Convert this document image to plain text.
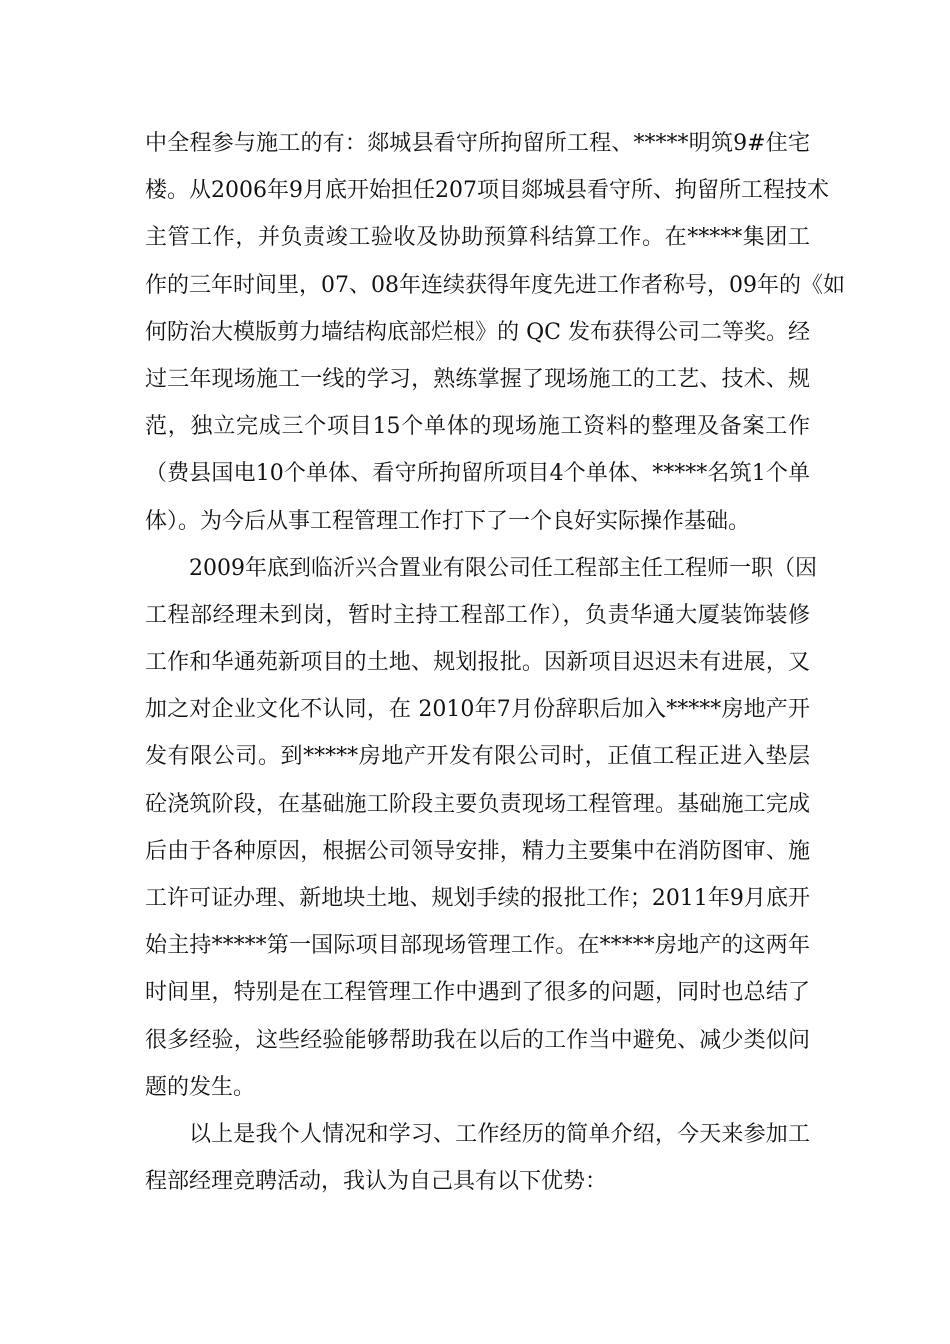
中全程参与施工的有：郯城县看守所拘留所工程、*****明筑9#住宅
楼。从2006年9月底开始担任207项目郯城县看守所、拘留所工程技术
主管工作，并负责竣工验收及协助预算科结算工作。在*****集团工
作的三年时间里，07、08年连续获得年度先进工作者称号，09年的《如
何防治大模版剪力墙结构底部烂根》的 QC 发布获得公司二等奖。经
过三年现场施工一线的学习，熟练掌握了现场施工的工艺、技术、规
范，独立完成三个项目15个单体的现场施工资料的整理及备案工作
（费县国电10个单体、看守所拘留所项目4个单体、*****名筑1个单
体）。为今后从事工程管理工作打下了一个良好实际操作基础。
2009年底到临沂兴合置业有限公司任工程部主任工程师一职（因
工程部经理未到岗，暂时主持工程部工作），负责华通大厦装饰装修
工作和华通苑新项目的土地、规划报批。因新项目迟迟未有进展，又
加之对企业文化不认同，在 2010年7月份辞职后加入*****房地产开
发有限公司。到*****房地产开发有限公司时，正值工程正进入垫层
砼浇筑阶段，在基础施工阶段主要负责现场工程管理。基础施工完成
后由于各种原因，根据公司领导安排，精力主要集中在消防图审、施
工许可证办理、新地块土地、规划手续的报批工作；2011年9月底开
始主持*****第一国际项目部现场管理工作。在*****房地产的这两年
时间里，特别是在工程管理工作中遇到了很多的问题，同时也总结了
很多经验，这些经验能够帮助我在以后的工作当中避免、减少类似问
题的发生。
以上是我个人情况和学习、工作经历的简单介绍，今天来参加工
程部经理竞聘活动，我认为自己具有以下优势：
